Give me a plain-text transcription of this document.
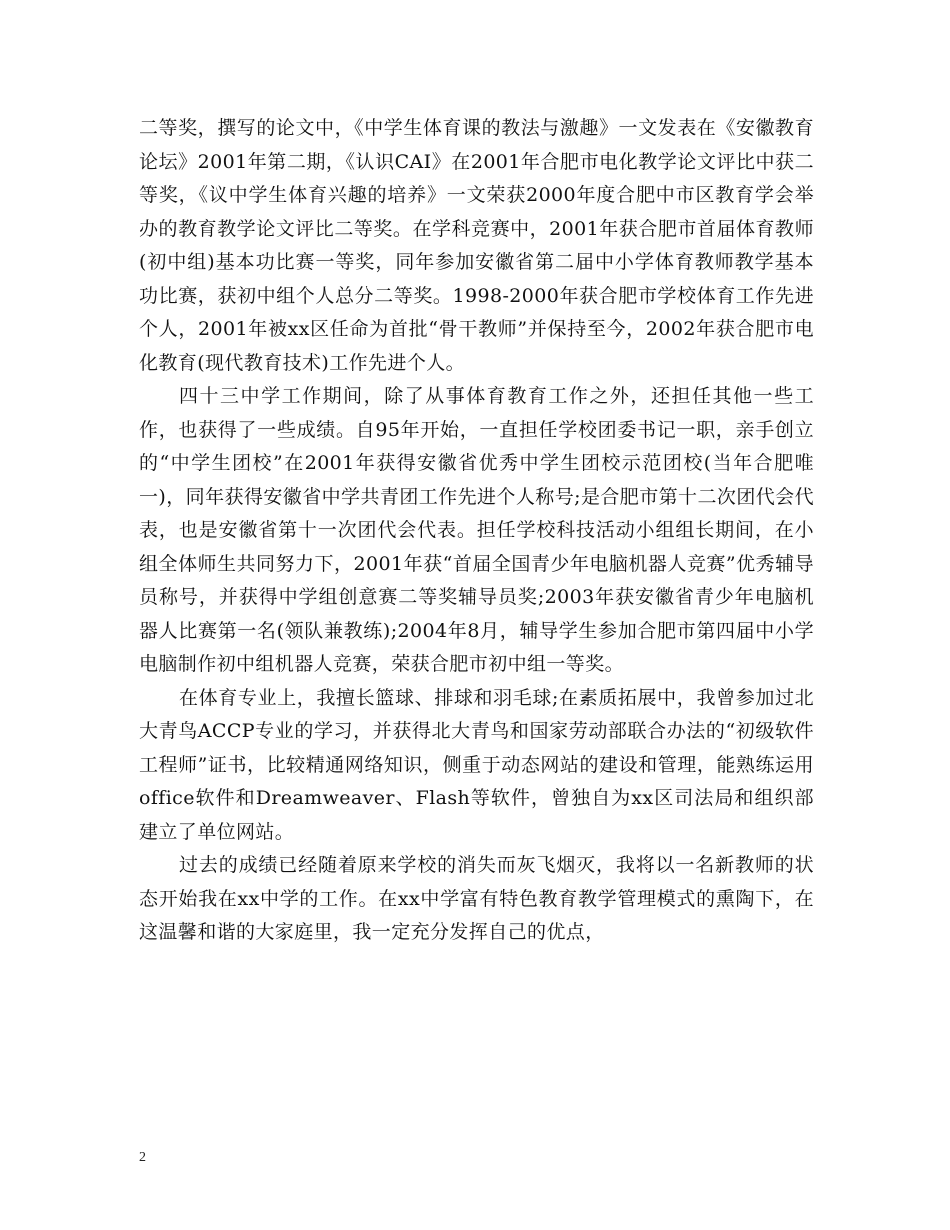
二等奖，撰写的论文中，《中学生体育课的教法与激趣》一文发表在《安徽教育论坛》2001年第二期，《认识CAI》在2001年合肥市电化教学论文评比中获二等奖，《议中学生体育兴趣的培养》一文荣获2000年度合肥中市区教育学会举办的教育教学论文评比二等奖。在学科竞赛中，2001年获合肥市首届体育教师(初中组)基本功比赛一等奖，同年参加安徽省第二届中小学体育教师教学基本功比赛，获初中组个人总分二等奖。1998-2000年获合肥市学校体育工作先进个人，2001年被xx区任命为首批“骨干教师”并保持至今，2002年获合肥市电化教育(现代教育技术)工作先进个人。

四十三中学工作期间，除了从事体育教育工作之外，还担任其他一些工作，也获得了一些成绩。自95年开始，一直担任学校团委书记一职，亲手创立的“中学生团校”在2001年获得安徽省优秀中学生团校示范团校(当年合肥唯一)，同年获得安徽省中学共青团工作先进个人称号;是合肥市第十二次团代会代表，也是安徽省第十一次团代会代表。担任学校科技活动小组组长期间，在小组全体师生共同努力下，2001年获“首届全国青少年电脑机器人竞赛”优秀辅导员称号，并获得中学组创意赛二等奖辅导员奖;2003年获安徽省青少年电脑机器人比赛第一名(领队兼教练);2004年8月，辅导学生参加合肥市第四届中小学电脑制作初中组机器人竞赛，荣获合肥市初中组一等奖。

在体育专业上，我擅长篮球、排球和羽毛球;在素质拓展中，我曾参加过北大青鸟ACCP专业的学习，并获得北大青鸟和国家劳动部联合办法的“初级软件工程师”证书，比较精通网络知识，侧重于动态网站的建设和管理，能熟练运用office软件和Dreamweaver、Flash等软件，曾独自为xx区司法局和组织部建立了单位网站。

过去的成绩已经随着原来学校的消失而灰飞烟灭，我将以一名新教师的状态开始我在xx中学的工作。在xx中学富有特色教育教学管理模式的熏陶下，在这温馨和谐的大家庭里，我一定充分发挥自己的优点，

2
